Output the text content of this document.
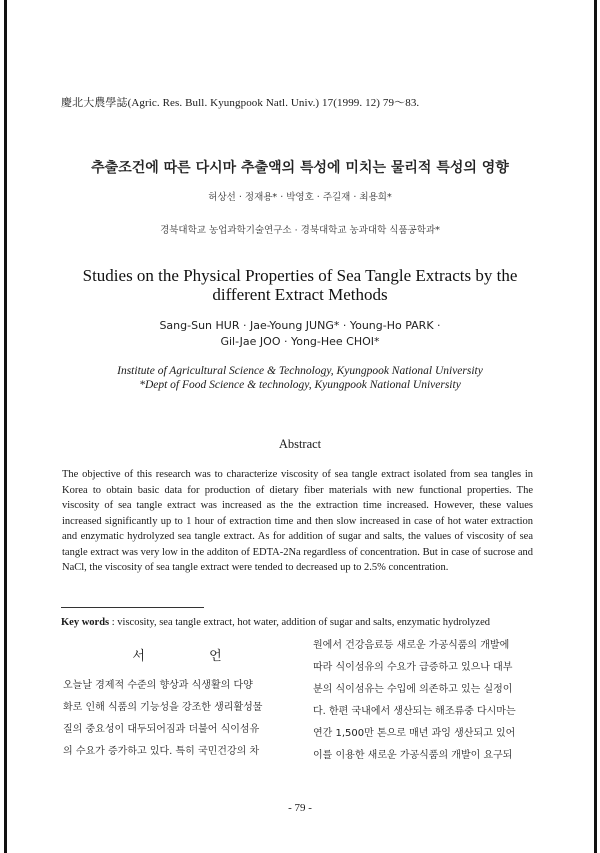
慶北大農學誌(Agric. Res. Bull. Kyungpook Natl. Univ.) 17(1999. 12) 79～83.
추출조건에 따른 다시마 추출액의 특성에 미치는 물리적 특성의 영향
허상선 · 정재용* · 박영호 · 주길재 · 최용희*
경북대학교 농업과학기술연구소 · 경북대학교 농과대학 식품공학과*
Studies on the Physical Properties of Sea Tangle Extracts by the
different Extract Methods
Sang-Sun HUR · Jae-Young JUNG* · Young-Ho PARK ·
Gil-Jae JOO · Yong-Hee CHOI*
Institute of Agricultural Science & Technology, Kyungpook National University
*Dept of Food Science & technology, Kyungpook National University
Abstract
The objective of this research was to characterize viscosity of sea tangle extract isolated from sea tangles in Korea to obtain basic data for production of dietary fiber materials with new functional properties. The viscosity of sea tangle extract was increased as the the extraction time increased. However, these values increased significantly up to 1 hour of extraction time and then slow increased in case of hot water extraction and enzymatic hydrolyzed sea tangle extract. As for addition of sugar and salts, the values of viscosity of sea tangle extract was very low in the additon of EDTA-2Na regardless of concentration. But in case of sucrose and NaCl, the viscosity of sea tangle extract were tended to decreased up to 2.5% concentration.
Key words : viscosity, sea tangle extract, hot water, addition of sugar and salts, enzymatic hydrolyzed
서 언
오늘날 경제적 수준의 향상과 식생활의 다양
화로 인해 식품의 기능성을 강조한 생리활성물
질의 중요성이 대두되어짐과 더불어 식이섬유
의 수요가 증가하고 있다. 특히 국민건강의 차
원에서 건강음료등 새로운 가공식품의 개발에
따라 식이섬유의 수요가 급증하고 있으나 대부
분의 식이섬유는 수입에 의존하고 있는 실정이
다. 한편 국내에서 생산되는 해조류중 다시마는
연간 1,500만 톤으로 매년 과잉 생산되고 있어
이를 이용한 새로운 가공식품의 개발이 요구되
- 79 -
